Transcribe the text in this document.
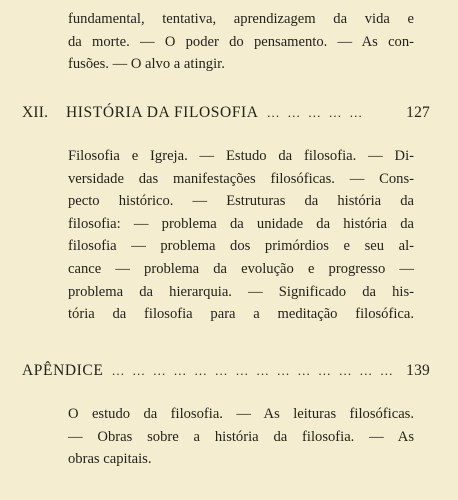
fundamental, tentativa, aprendizagem da vida e
da morte. — O poder do pensamento. — As con-
fusões. — O alvo a atingir.
XII.	HISTÓRIA DA FILOSOFIA … … … … …	127
Filosofia e Igreja. — Estudo da filosofia. — Di-
versidade das manifestações filosóficas. — Cons-
pecto histórico. — Estruturas da história da
filosofia: — problema da unidade da história da
filosofia — problema dos primórdios e seu al-
cance — problema da evolução e progresso —
problema da hierarquia. — Significado da his-
tória da filosofia para a meditação filosófica.
APÊNDICE … … … … … … … … … … … … … … 139
O estudo da filosofia. — As leituras filosóficas.
— Obras sobre a história da filosofia. — As
obras capitais.
